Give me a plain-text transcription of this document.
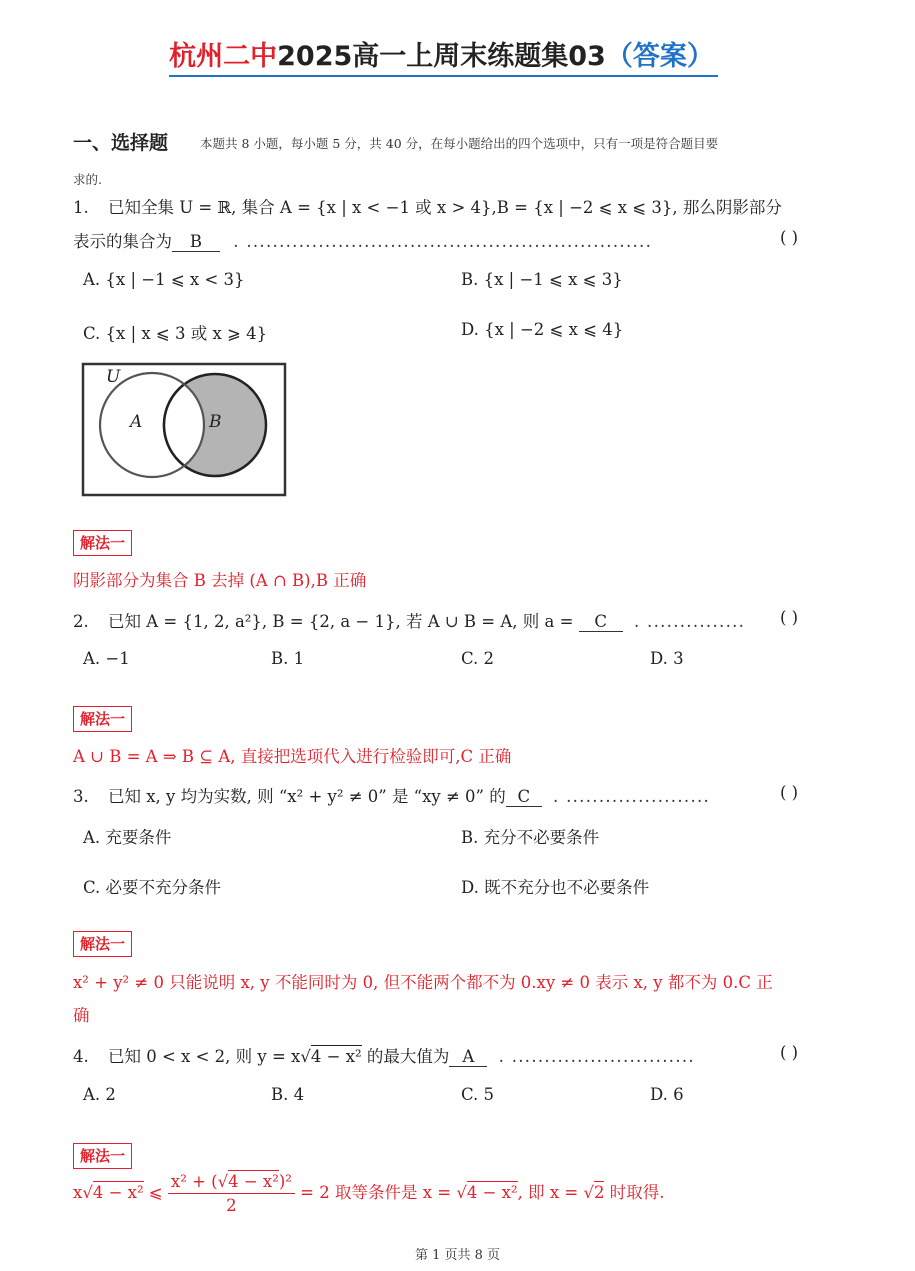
杭州二中2025高一上周末练题集03（答案）
一、选择题	本题共 8 小题，每小题 5 分，共 40 分，在每小题给出的四个选项中，只有一项是符合题目要
求的.
1. 已知全集 U = ℝ, 集合 A = {x | x < −1 或 x > 4},B = {x | −2 ⩽ x ⩽ 3}, 那么阴影部分
表示的集合为 B . ..............................................................	( )
A. {x | −1 ⩽ x < 3}	B. {x | −1 ⩽ x ⩽ 3}
C. {x | x ⩽ 3 或 x ⩾ 4}	D. {x | −2 ⩽ x ⩽ 4}
U
A	B
解法一
阴影部分为集合 B 去掉 (A ∩ B),B 正确
2. 已知 A = {1, 2, a²}, B = {2, a − 1}, 若 A ∪ B = A, 则 a = C . ............... ( )
A. −1	B. 1	C. 2	D. 3
解法一
A ∪ B = A ⇒ B ⊆ A, 直接把选项代入进行检验即可,C 正确
3. 已知 x, y 均为实数, 则 “x² + y² ≠ 0” 是 “xy ≠ 0” 的 C . ......................	( )
A. 充要条件	B. 充分不必要条件
C. 必要不充分条件	D. 既不充分也不必要条件
解法一
x² + y² ≠ 0 只能说明 x, y 不能同时为 0, 但不能两个都不为 0.xy ≠ 0 表示 x, y 都不为 0.C 正
确
4. 已知 0 < x < 2, 则 y = x√4 − x² 的最大值为 A . ............................	( )
A. 2	B. 4	C. 5	D. 6
解法一
x√4 − x² ⩽ $\frac{\text{x² + (√4 − x²)²}}{2} = 2$ 取等条件是 x = √4 − x², 即 x = √2 时取得.
第 1 页共 8 页
